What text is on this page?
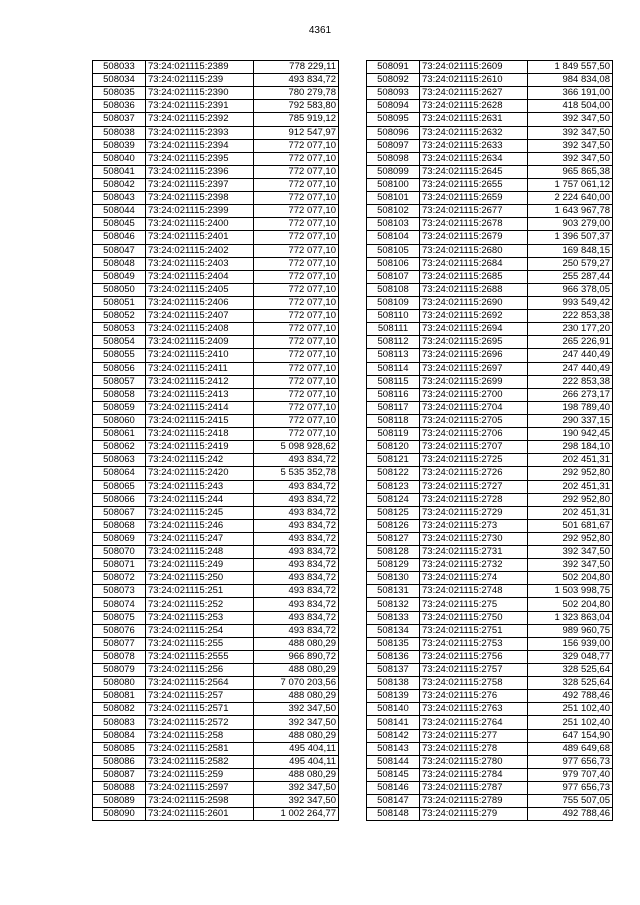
4361
508033	73:24:021115:2389	778 229,11
508034	73:24:021115:239	493 834,72
508035	73:24:021115:2390	780 279,78
508036	73:24:021115:2391	792 583,80
508037	73:24:021115:2392	785 919,12
508038	73:24:021115:2393	912 547,97
508039	73:24:021115:2394	772 077,10
508040	73:24:021115:2395	772 077,10
508041	73:24:021115:2396	772 077,10
508042	73:24:021115:2397	772 077,10
508043	73:24:021115:2398	772 077,10
508044	73:24:021115:2399	772 077,10
508045	73:24:021115:2400	772 077,10
508046	73:24:021115:2401	772 077,10
508047	73:24:021115:2402	772 077,10
508048	73:24:021115:2403	772 077,10
508049	73:24:021115:2404	772 077,10
508050	73:24:021115:2405	772 077,10
508051	73:24:021115:2406	772 077,10
508052	73:24:021115:2407	772 077,10
508053	73:24:021115:2408	772 077,10
508054	73:24:021115:2409	772 077,10
508055	73:24:021115:2410	772 077,10
508056	73:24:021115:2411	772 077,10
508057	73:24:021115:2412	772 077,10
508058	73:24:021115:2413	772 077,10
508059	73:24:021115:2414	772 077,10
508060	73:24:021115:2415	772 077,10
508061	73:24:021115:2418	772 077,10
508062	73:24:021115:2419	5 098 928,62
508063	73:24:021115:242	493 834,72
508064	73:24:021115:2420	5 535 352,78
508065	73:24:021115:243	493 834,72
508066	73:24:021115:244	493 834,72
508067	73:24:021115:245	493 834,72
508068	73:24:021115:246	493 834,72
508069	73:24:021115:247	493 834,72
508070	73:24:021115:248	493 834,72
508071	73:24:021115:249	493 834,72
508072	73:24:021115:250	493 834,72
508073	73:24:021115:251	493 834,72
508074	73:24:021115:252	493 834,72
508075	73:24:021115:253	493 834,72
508076	73:24:021115:254	493 834,72
508077	73:24:021115:255	488 080,29
508078	73:24:021115:2555	966 890,72
508079	73:24:021115:256	488 080,29
508080	73:24:021115:2564	7 070 203,56
508081	73:24:021115:257	488 080,29
508082	73:24:021115:2571	392 347,50
508083	73:24:021115:2572	392 347,50
508084	73:24:021115:258	488 080,29
508085	73:24:021115:2581	495 404,11
508086	73:24:021115:2582	495 404,11
508087	73:24:021115:259	488 080,29
508088	73:24:021115:2597	392 347,50
508089	73:24:021115:2598	392 347,50
508090	73:24:021115:2601	1 002 264,77
508091	73:24:021115:2609	1 849 557,50
508092	73:24:021115:2610	984 834,08
508093	73:24:021115:2627	366 191,00
508094	73:24:021115:2628	418 504,00
508095	73:24:021115:2631	392 347,50
508096	73:24:021115:2632	392 347,50
508097	73:24:021115:2633	392 347,50
508098	73:24:021115:2634	392 347,50
508099	73:24:021115:2645	965 865,38
508100	73:24:021115:2655	1 757 061,12
508101	73:24:021115:2659	2 224 640,00
508102	73:24:021115:2677	1 643 967,78
508103	73:24:021115:2678	903 279,00
508104	73:24:021115:2679	1 396 507,37
508105	73:24:021115:2680	169 848,15
508106	73:24:021115:2684	250 579,27
508107	73:24:021115:2685	255 287,44
508108	73:24:021115:2688	966 378,05
508109	73:24:021115:2690	993 549,42
508110	73:24:021115:2692	222 853,38
508111	73:24:021115:2694	230 177,20
508112	73:24:021115:2695	265 226,91
508113	73:24:021115:2696	247 440,49
508114	73:24:021115:2697	247 440,49
508115	73:24:021115:2699	222 853,38
508116	73:24:021115:2700	266 273,17
508117	73:24:021115:2704	198 789,40
508118	73:24:021115:2705	290 337,15
508119	73:24:021115:2706	190 942,45
508120	73:24:021115:2707	298 184,10
508121	73:24:021115:2725	202 451,31
508122	73:24:021115:2726	292 952,80
508123	73:24:021115:2727	202 451,31
508124	73:24:021115:2728	292 952,80
508125	73:24:021115:2729	202 451,31
508126	73:24:021115:273	501 681,67
508127	73:24:021115:2730	292 952,80
508128	73:24:021115:2731	392 347,50
508129	73:24:021115:2732	392 347,50
508130	73:24:021115:274	502 204,80
508131	73:24:021115:2748	1 503 998,75
508132	73:24:021115:275	502 204,80
508133	73:24:021115:2750	1 323 863,04
508134	73:24:021115:2751	989 960,75
508135	73:24:021115:2753	156 939,00
508136	73:24:021115:2756	329 048,77
508137	73:24:021115:2757	328 525,64
508138	73:24:021115:2758	328 525,64
508139	73:24:021115:276	492 788,46
508140	73:24:021115:2763	251 102,40
508141	73:24:021115:2764	251 102,40
508142	73:24:021115:277	647 154,90
508143	73:24:021115:278	489 649,68
508144	73:24:021115:2780	977 656,73
508145	73:24:021115:2784	979 707,40
508146	73:24:021115:2787	977 656,73
508147	73:24:021115:2789	755 507,05
508148	73:24:021115:279	492 788,46
